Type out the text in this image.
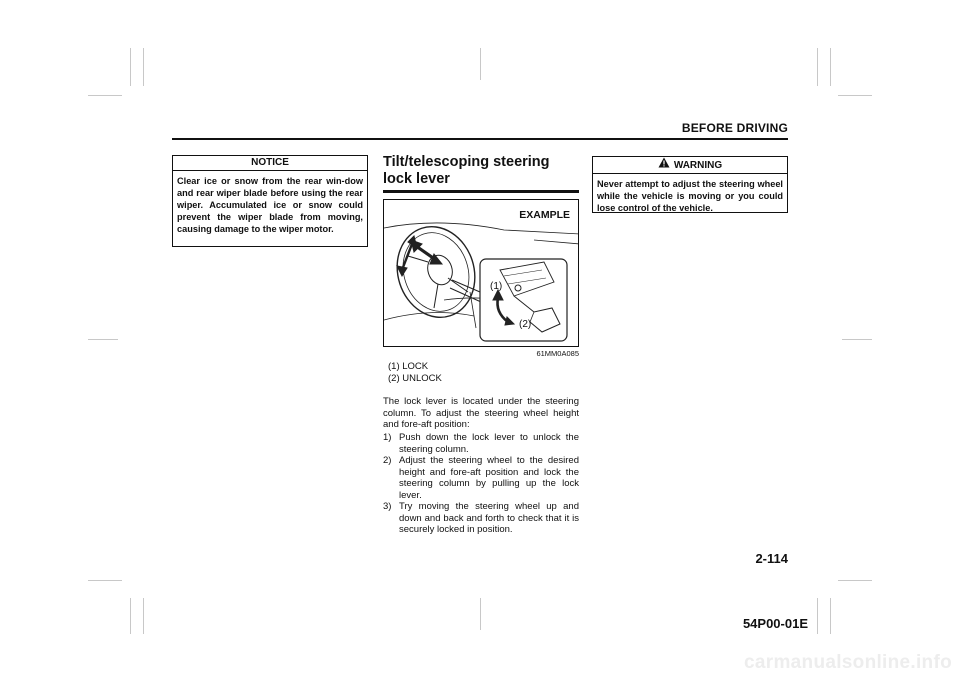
BEFORE DRIVING
NOTICE
Clear ice or snow from the rear win-dow and rear wiper blade before using the rear wiper. Accumulated ice or snow could prevent the wiper blade from moving, causing damage to the wiper motor.
Tilt/telescoping steering lock lever
EXAMPLE
(1)
(2)
61MM0A085
(1) LOCK
(2) UNLOCK
The lock lever is located under the steering column. To adjust the steering wheel height and fore-aft position:
1) Push down the lock lever to unlock the steering column.
2) Adjust the steering wheel to the desired height and fore-aft position and lock the steering column by pulling up the lock lever.
3) Try moving the steering wheel up and down and back and forth to check that it is securely locked in position.
WARNING
Never attempt to adjust the steering wheel while the vehicle is moving or you could lose control of the vehicle.
2-114
54P00-01E
carmanualsonline.info
